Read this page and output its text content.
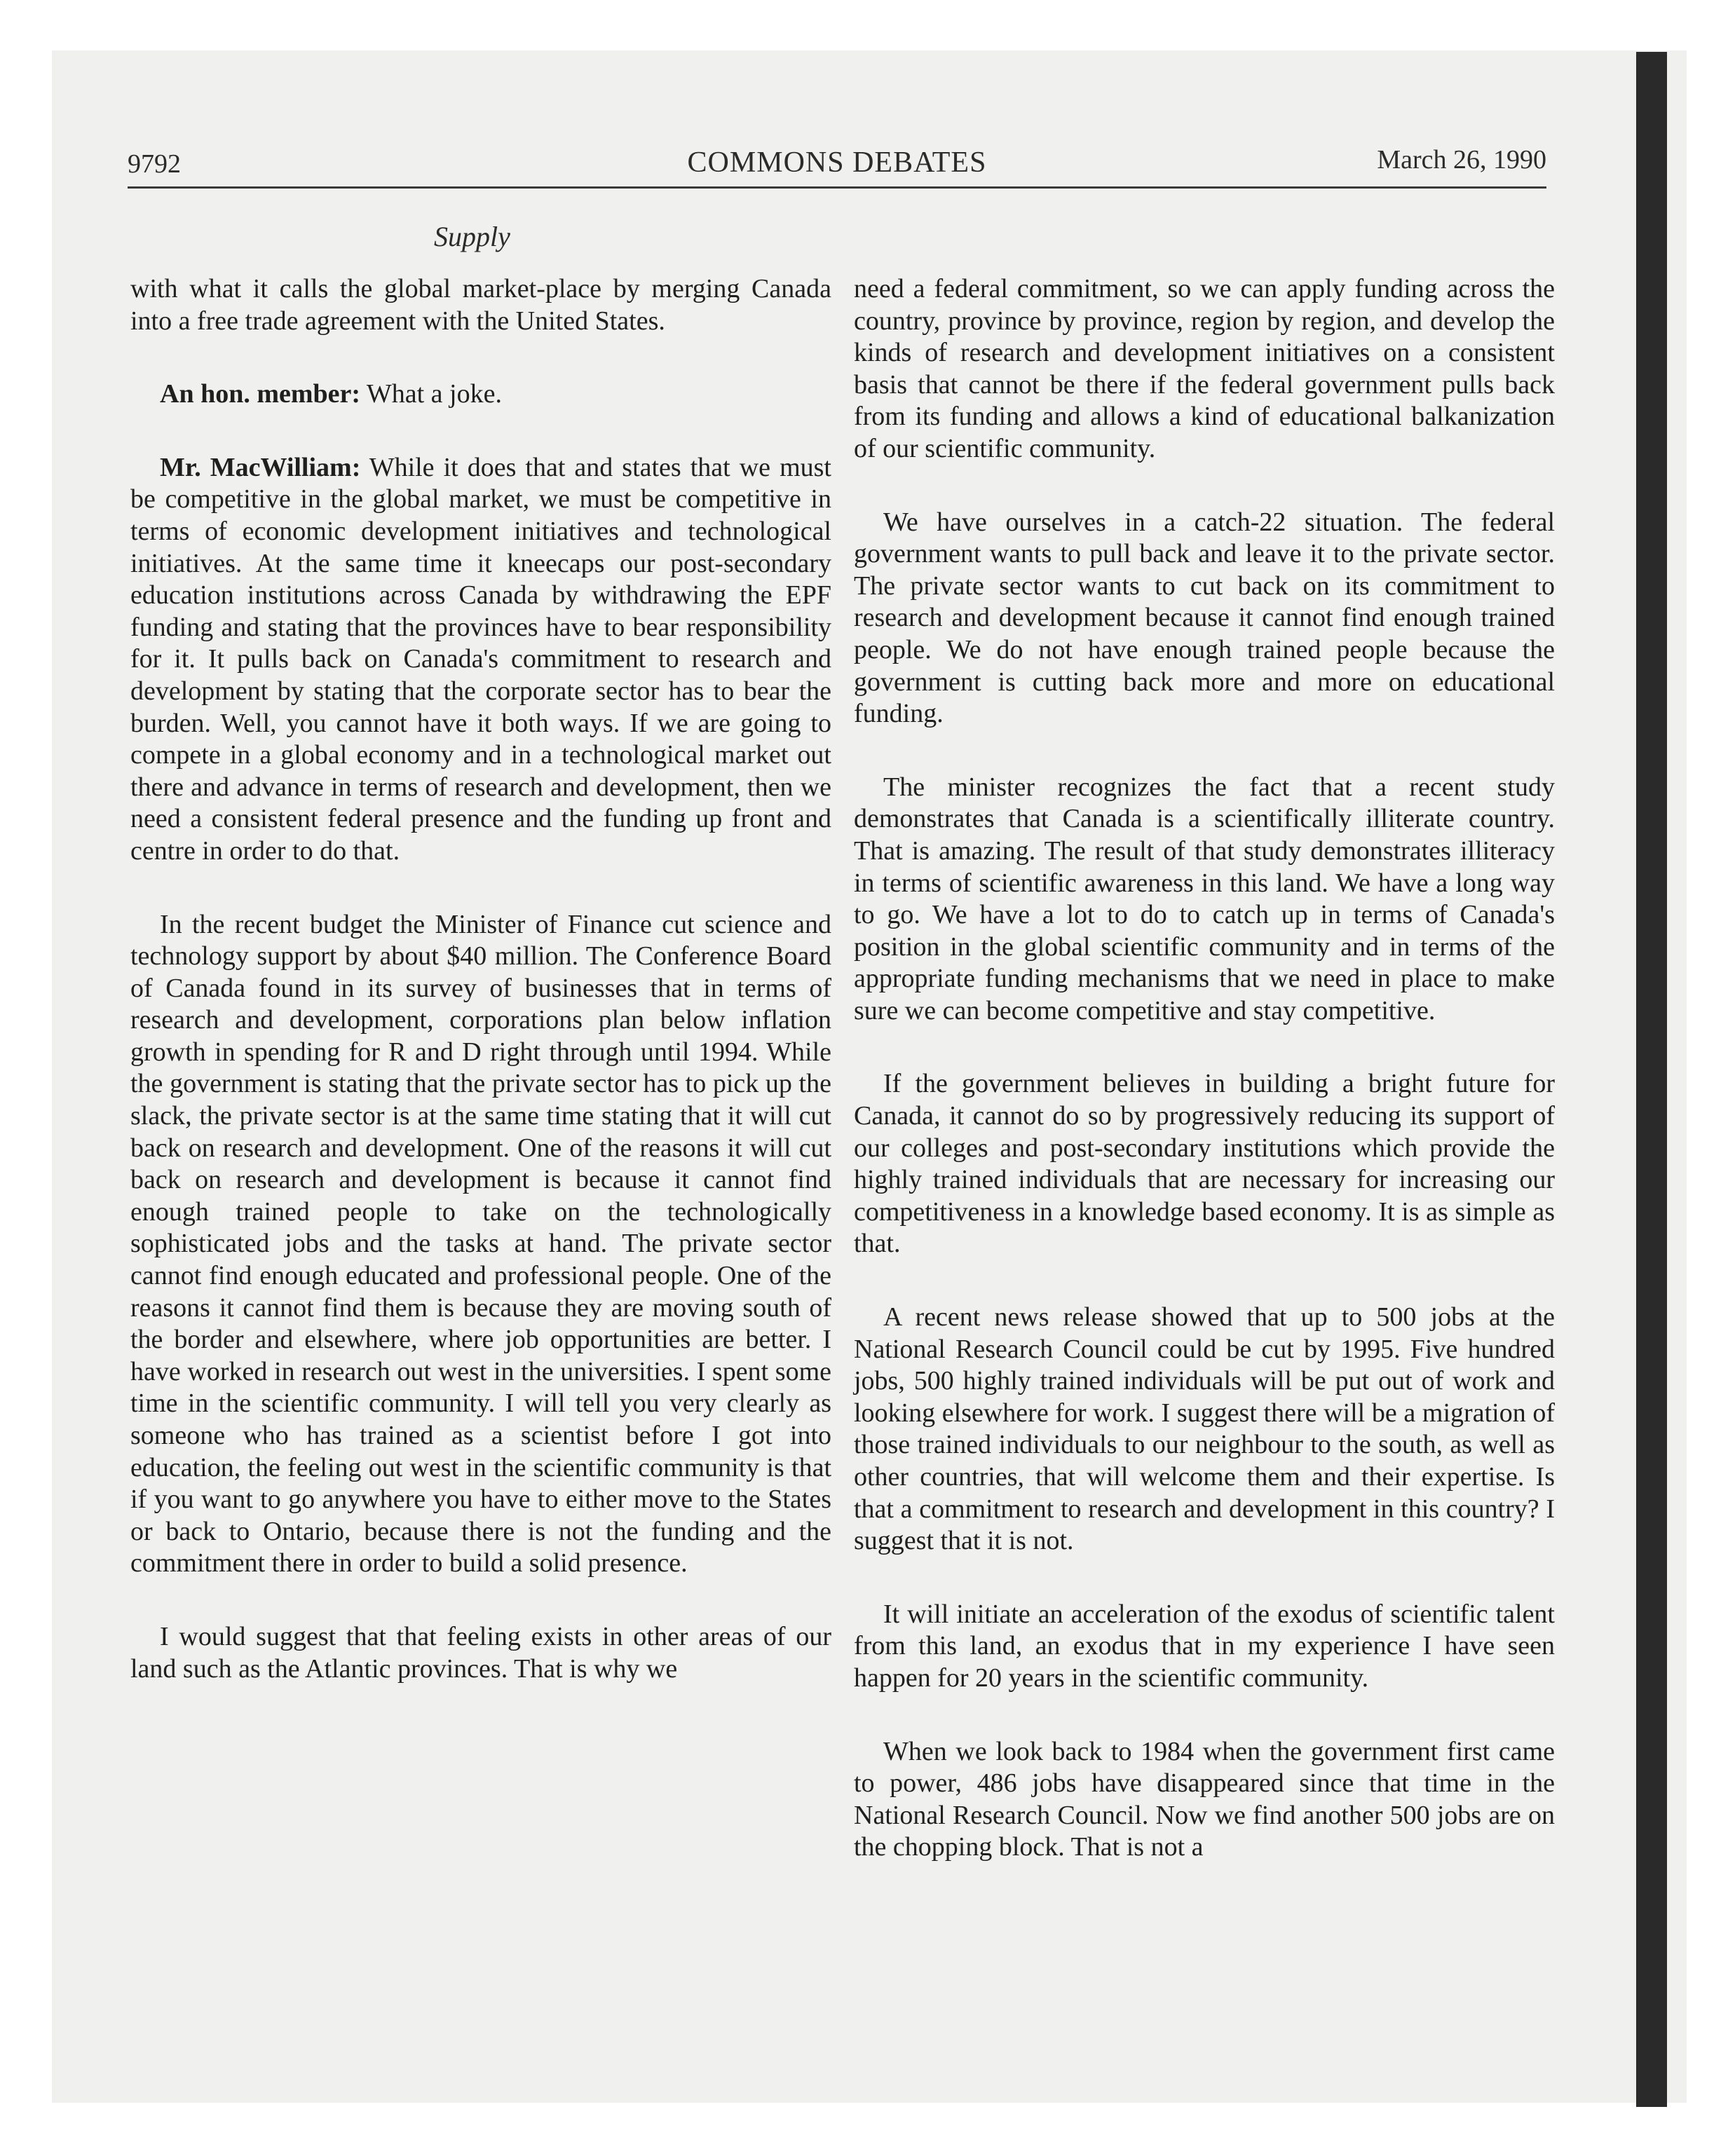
9792	COMMONS DEBATES	March 26, 1990
Supply

with what it calls the global market-place by merging Canada into a free trade agreement with the United States.

An hon. member: What a joke.

Mr. MacWilliam: While it does that and states that we must be competitive in the global market, we must be competitive in terms of economic development initiatives and technological initiatives. At the same time it kneecaps our post-secondary education institutions across Canada by withdrawing the EPF funding and stating that the provinces have to bear responsibility for it. It pulls back on Canada's commitment to research and development by stating that the corporate sector has to bear the burden. Well, you cannot have it both ways. If we are going to compete in a global economy and in a technological market out there and advance in terms of research and development, then we need a consistent federal presence and the funding up front and centre in order to do that.

In the recent budget the Minister of Finance cut science and technology support by about $40 million. The Conference Board of Canada found in its survey of businesses that in terms of research and development, corporations plan below inflation growth in spending for R and D right through until 1994. While the government is stating that the private sector has to pick up the slack, the private sector is at the same time stating that it will cut back on research and development. One of the reasons it will cut back on research and development is because it cannot find enough trained people to take on the technologically sophisticated jobs and the tasks at hand. The private sector cannot find enough educated and professional people. One of the reasons it cannot find them is because they are moving south of the border and elsewhere, where job opportunities are better. I have worked in research out west in the universities. I spent some time in the scientific community. I will tell you very clearly as someone who has trained as a scientist before I got into education, the feeling out west in the scientific community is that if you want to go anywhere you have to either move to the States or back to Ontario, because there is not the funding and the commitment there in order to build a solid presence.

I would suggest that that feeling exists in other areas of our land such as the Atlantic provinces. That is why we

need a federal commitment, so we can apply funding across the country, province by province, region by region, and develop the kinds of research and development initiatives on a consistent basis that cannot be there if the federal government pulls back from its funding and allows a kind of educational balkanization of our scientific community.

We have ourselves in a catch-22 situation. The federal government wants to pull back and leave it to the private sector. The private sector wants to cut back on its commitment to research and development because it cannot find enough trained people. We do not have enough trained people because the government is cutting back more and more on educational funding.

The minister recognizes the fact that a recent study demonstrates that Canada is a scientifically illiterate country. That is amazing. The result of that study demonstrates illiteracy in terms of scientific awareness in this land. We have a long way to go. We have a lot to do to catch up in terms of Canada's position in the global scientific community and in terms of the appropriate funding mechanisms that we need in place to make sure we can become competitive and stay competitive.

If the government believes in building a bright future for Canada, it cannot do so by progressively reducing its support of our colleges and post-secondary institutions which provide the highly trained individuals that are necessary for increasing our competitiveness in a knowledge based economy. It is as simple as that.

A recent news release showed that up to 500 jobs at the National Research Council could be cut by 1995. Five hundred jobs, 500 highly trained individuals will be put out of work and looking elsewhere for work. I suggest there will be a migration of those trained individuals to our neighbour to the south, as well as other countries, that will welcome them and their expertise. Is that a commitment to research and development in this country? I suggest that it is not.

It will initiate an acceleration of the exodus of scientific talent from this land, an exodus that in my experience I have seen happen for 20 years in the scientific community.

When we look back to 1984 when the government first came to power, 486 jobs have disappeared since that time in the National Research Council. Now we find another 500 jobs are on the chopping block. That is not a
